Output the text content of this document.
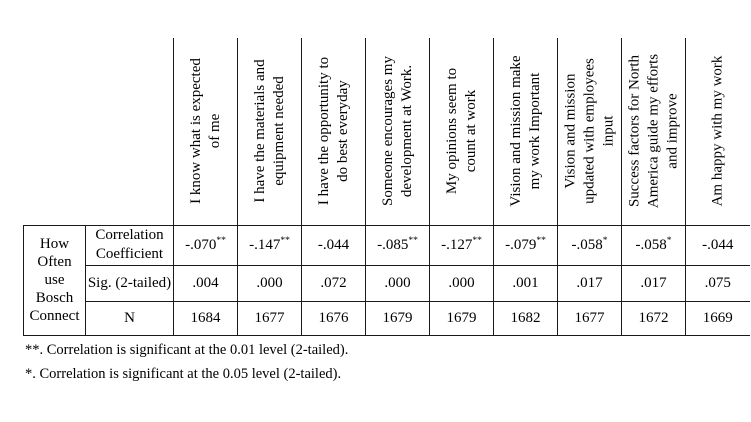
		I know what is expected of me	I have the materials and equipment needed	I have the opportunity to do best everyday	Someone encourages my development at Work.	My opinions seem to count at work	Vision and mission make my work Important	Vision and mission updated with employees input	Success factors for North America guide my efforts and improve	Am happy with my work

How Often use Bosch Connect	Correlation Coefficient	-.070**	-.147**	-.044	-.085**	-.127**	-.079**	-.058*	-.058*	-.044
	Sig. (2-tailed)	.004	.000	.072	.000	.000	.001	.017	.017	.075
	N	1684	1677	1676	1679	1679	1682	1677	1672	1669
**. Correlation is significant at the 0.01 level (2-tailed).
*. Correlation is significant at the 0.05 level (2-tailed).
